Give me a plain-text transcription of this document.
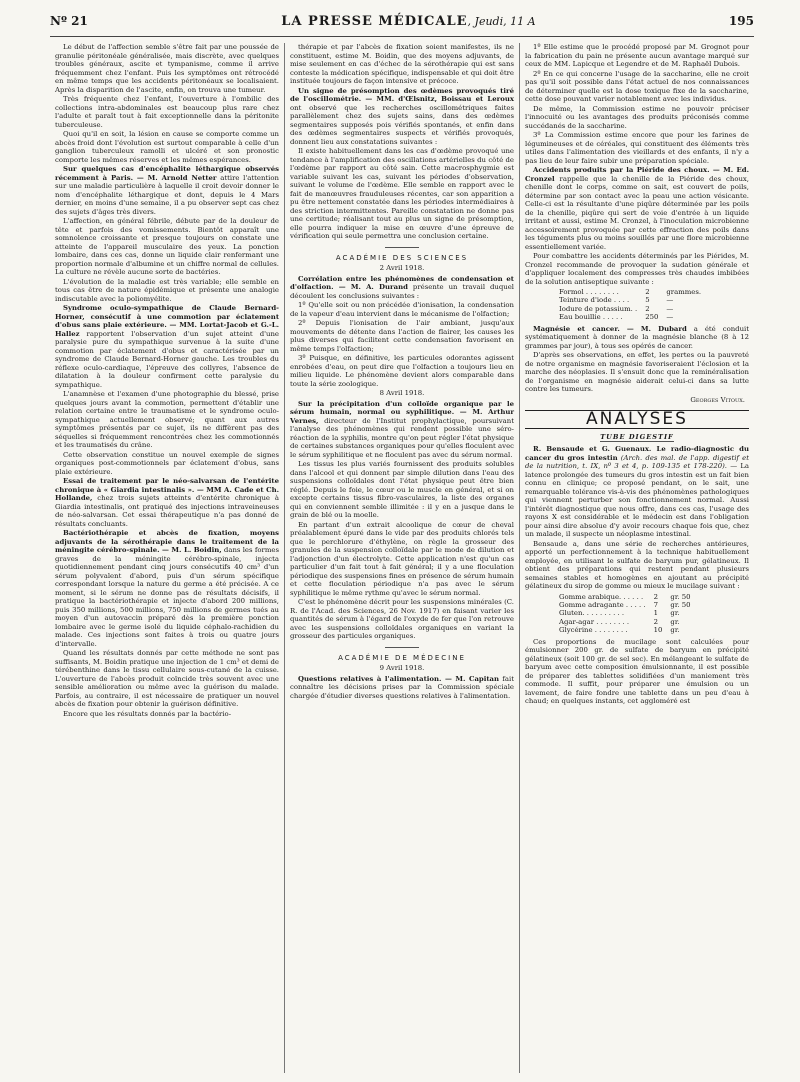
Nº 21	LA PRESSE MÉDICALE, Jeudi, 11 A	195

Le début de l'affection semble s'être fait par une poussée de granulie péritonéale généralisée, mais discrète, avec quelques troubles généraux, ascite et tympanisme, comme il arrive fréquemment chez l'enfant. Puis les symptômes ont rétrocédé en même temps que les accidents péritonéaux se localisaient. Après la disparition de l'ascite, enfin, on trouva une tumeur.

Très fréquente chez l'enfant, l'ouverture à l'ombilic des collections intra-abdominales est beaucoup plus rare chez l'adulte et paraît tout à fait exceptionnelle dans la péritonite tuberculeuse.

Quoi qu'il en soit, la lésion en cause se comporte comme un abcès froid dont l'évolution est surtout comparable à celle d'un ganglion tuberculeux ramolli et ulcéré et son pronostic comporte les mêmes réserves et les mêmes espérances.

Sur quelques cas d'encéphalite léthargique observés récemment à Paris. — M. Arnold Netter attire l'attention sur une maladie particulière à laquelle il croit devoir donner le nom d'encéphalite léthargique et dont, depuis le 4 Mars dernier, en moins d'une semaine, il a pu observer sept cas chez des sujets d'âges très divers.

L'affection, en général fébrile, débute par de la douleur de tête et parfois des vomissements. Bientôt apparaît une somnolence croissante et presque toujours on constate une atteinte de l'appareil musculaire des yeux. La ponction lombaire, dans ces cas, donne un liquide clair renfermant une proportion normale d'albumine et un chiffre normal de cellules. La culture ne révèle aucune sorte de bactéries.

L'évolution de la maladie est très variable; elle semble en tous cas être de nature épidémique et présente une analogie indiscutable avec la poliomyélite.

Syndrome oculo-sympathique de Claude Bernard-Horner, consécutif à une commotion par éclatement d'obus sans plaie extérieure. — MM. Lortat-Jacob et G.-L. Hallez rapportent l'observation d'un sujet atteint d'une paralysie pure du sympathique survenue à la suite d'une commotion par éclatement d'obus et caractérisée par un syndrome de Claude Bernard-Horner gauche. Les troubles du réflexe oculo-cardiaque, l'épreuve des collyres, l'absence de dilatation à la douleur confirment cette paralysie du sympathique.

L'anamnèse et l'examen d'une photographie du blessé, prise quelques jours avant la commotion, permettent d'établir une relation certaine entre le traumatisme et le syndrome oculo-sympathique actuellement observé; quant aux autres symptômes présentés par ce sujet, ils ne diffèrent pas des séquelles si fréquemment rencontrées chez les commotionnés et les traumatisés du crâne.

Cette observation constitue un nouvel exemple de signes organiques post-commotionnels par éclatement d'obus, sans plaie extérieure.

Essai de traitement par le néo-salvarsan de l'entérite chronique à « Giardia intestinalis ». — MM A. Cade et Ch. Hollande, chez trois sujets atteints d'entérite chronique à Giardia intestinalis, ont pratiqué des injections intraveineuses de néo-salvarsan. Cet essai thérapeutique n'a pas donné de résultats concluants.

Bactériothérapie et abcès de fixation, moyens adjuvants de la sérothérapie dans le traitement de la méningite cérébro-spinale. — M. L. Boidin, dans les formes graves de la méningite cérébro-spinale, injecta quotidiennement pendant cinq jours consécutifs 40 cm³ d'un sérum polyvalent d'abord, puis d'un sérum spécifique correspondant lorsque la nature du germe a été précisée. A ce moment, si le sérum ne donne pas de résultats décisifs, il pratique la bactériothérapie et injecte d'abord 200 millions, puis 350 millions, 500 millions, 750 millions de germes tués au moyen d'un autovaccin préparé dès la première ponction lombaire avec le germe isolé du liquide céphalo-rachidien du malade. Ces injections sont faites à trois ou quatre jours d'intervalle.

Quand les résultats donnés par cette méthode ne sont pas suffisants, M. Boidin pratique une injection de 1 cm³ et demi de térébenthine dans le tissu cellulaire sous-cutané de la cuisse. L'ouverture de l'abcès produit coïncide très souvent avec une sensible amélioration ou même avec la guérison du malade. Parfois, au contraire, il est nécessaire de pratiquer un nouvel abcès de fixation pour obtenir la guérison définitive.

Encore que les résultats donnés par la bactério-

thérapie et par l'abcès de fixation soient manifestes, ils ne constituent, estime M. Boidin, que des moyens adjuvants, de mise seulement en cas d'échec de la sérothérapie qui est sans conteste la médication spécifique, indispensable et qui doit être instituée toujours de façon intensive et précoce.

Un signe de présomption des œdèmes provoqués tiré de l'oscillométrie. — MM. d'Œlsnitz, Boissau et Leroux ont observé que les recherches oscillométriques faites parallèlement chez des sujets sains, dans des œdèmes segmentaires supposés pois vérifiés spontanés, et enfin dans des œdèmes segmentaires suspects et vérifiés provoqués, donnent lieu aux constatations suivantes :

Il existe habituellement dans les cas d'œdème provoqué une tendance à l'amplification des oscillations artérielles du côté de l'œdème par rapport au côté sain. Cette macrosphygmie est variable suivant les cas, suivant les périodes d'observation, suivant le volume de l'œdème. Elle semble en rapport avec le fait de manœuvres frauduleuses récentes, car son apparition a pu être nettement constatée dans les périodes intermédiaires à des striction intermittentes. Pareille constatation ne donne pas une certitude; réalisant tout au plus un signe de présomption, elle pourra indiquer la mise en œuvre d'une épreuve de vérification qui seule permettra une conclusion certaine.

ACADÉMIE DES SCIENCES
2 Avril 1918.

Corrélation entre les phénomènes de condensation et d'olfaction. — M. A. Durand présente un travail duquel découlent les conclusions suivantes :

1º Qu'elle soit ou non précédée d'ionisation, la condensation de la vapeur d'eau intervient dans le mécanisme de l'olfaction;

2º Depuis l'ionisation de l'air ambiant, jusqu'aux mouvements de détente dans l'action de flairer, les causes les plus diverses qui facilitent cette condensation favorisent en même temps l'olfaction;

3º Puisque, en définitive, les particules odorantes agissent enrobées d'eau, on peut dire que l'olfaction a toujours lieu en milieu liquide. Le phénomène devient alors comparable dans toute la série zoologique.

8 Avril 1918.

Sur la précipitation d'un colloïde organique par le sérum humain, normal ou syphilitique. — M. Arthur Vernes, directeur de l'Institut prophylactique, poursuivant l'analyse des phénomènes qui rendent possible une séro-réaction de la syphilis, montre qu'on peut régler l'état physique de certaines substances organiques pour qu'elles floculent avec le sérum syphilitique et ne floculent pas avec du sérum normal.

Les tissus les plus variés fournissent des produits solubles dans l'alcool et qui donnent par simple dilution dans l'eau des suspensions colloïdales dont l'état physique peut être bien réglé. Depuis le foie, le cœur ou le muscle en général, et si on excepte certains tissus fibro-vasculaires, la liste des organes qui en conviennent semble illimitée : il y en a jusque dans le grain de blé ou la moelle.

En partant d'un extrait alcoolique de cœur de cheval préalablement épuré dans le vide par des produits chlorés tels que le perchlorure d'éthylène, on règle la grosseur des granules de la suspension colloïdale par le mode de dilution et l'adjonction d'un électrolyte. Cette application n'est qu'un cas particulier d'un fait tout à fait général; il y a une floculation périodique des suspensions fines en présence de sérum humain et cette floculation périodique n'a pas avec le sérum syphilitique le même rythme qu'avec le sérum normal.

C'est le phénomène décrit pour les suspensions minérales (C. R. de l'Acad. des Sciences, 26 Nov. 1917) en faisant varier les quantités de sérum à l'égard de l'oxyde de fer que l'on retrouve avec les suspensions colloïdales organiques en variant la grosseur des particules organiques.

ACADÉMIE DE MÉDECINE
9 Avril 1918.

Questions relatives à l'alimentation. — M. Capitan fait connaître les décisions prises par la Commission spéciale chargée d'étudier diverses questions relatives à l'alimentation.

1º Elle estime que le procédé proposé par M. Grognot pour la fabrication du pain ne présente aucun avantage marqué sur ceux de MM. Lapicque et Legendre et de M. Raphaël Dubois.

2º En ce qui concerne l'usage de la saccharine, elle ne croit pas qu'il soit possible dans l'état actuel de nos connaissances de déterminer quelle est la dose toxique fixe de la saccharine, cette dose pouvant varier notablement avec les individus.

De même, la Commission estime ne pouvoir préciser l'innocuité ou les avantages des produits préconisés comme succédanés de la saccharine.

3º La Commission estime encore que pour les farines de légumineuses et de céréales, qui constituent des éléments très utiles dans l'alimentation des vieillards et des enfants, il n'y a pas lieu de leur faire subir une préparation spéciale.

Accidents produits par la Piéride des choux. — M. Ed. Cronzel rappelle que la chenille de la Piéride des choux, chenille dont le corps, comme on sait, est couvert de poils, détermine par son contact avec la peau une action vésicante. Celle-ci est la résultante d'une piqûre déterminée par les poils de la chenille, piqûre qui sert de voie d'entrée à un liquide irritant et aussi, estime M. Cronzel, à l'inoculation microbienne accessoirement provoquée par cette effraction des poils dans les téguments plus ou moins souillés par une flore microbienne essentiellement variée.

Pour combattre les accidents déterminés par les Piérides, M. Cronzel recommande de provoquer la sudation générale et d'appliquer localement des compresses très chaudes imbibées de la solution antiseptique suivante :

Formol . . . . . . . .	2	grammes.
Teinture d'iode . . . .	5	—
Iodure de potassium. .	2	—
Eau bouillie . . . . .	250	—

Magnésie et cancer. — M. Dubard a été conduit systématiquement à donner de la magnésie blanche (8 à 12 grammes par jour), à tous ses opérés de cancer.

D'après ses observations, en effet, les pertes ou la pauvreté de notre organisme en magnésie favoriseraient l'éclosion et la marche des néoplasies. Il s'ensuit donc que la reminéralisation de l'organisme en magnésie aiderait celui-ci dans sa lutte contre les tumeurs.

Georges Vitoux.
ANALYSES
TUBE DIGESTIF

R. Bensaude et G. Guenaux. Le radio-diagnostic du cancer du gros intestin (Arch. des mal. de l'app. digestif et de la nutrition, t. IX, nº 3 et 4, p. 109-135 et 178-220). — La latence prolongée des tumeurs du gros intestin est un fait bien connu en clinique; ce proposé pendant, on le sait, une remarquable tolérance vis-à-vis des phénomènes pathologiques qui viennent perturber son fonctionnement normal. Aussi l'intérêt diagnostique que nous offre, dans ces cas, l'usage des rayons X est considérable et le médecin est dans l'obligation pour ainsi dire absolue d'y avoir recours chaque fois que, chez un malade, il suspecte un néoplasme intestinal.

Bensaude a, dans une série de recherches antérieures, apporté un perfectionnement à la technique habituellement employée, en utilisant le sulfate de baryum pur, gélatineux. Il obtient des préparations qui restent pendant plusieurs semaines stables et homogènes en ajoutant au précipité gélatineux du sirop de gomme ou mieux le mucilage suivant :

Gomme arabique. . . . . .	2	gr. 50
Gomme adragante . . . . .	7	gr. 50
Gluten. . . . . . . . . .	1	gr.
Agar-agar . . . . . . . .	2	gr.
Glycérine . . . . . . . .	10	gr.

Ces proportions de mucilage sont calculées pour émulsionner 200 gr. de sulfate de baryum en précipité gélatineux (soit 100 gr. de sel sec). En mélangeant le sulfate de baryum avec cette composition émulsionnante, il est possible de préparer des tablettes solidifiées d'un maniement très commode. Il suffit, pour préparer une émulsion ou un lavement, de faire fondre une tablette dans un peu d'eau à chaud; en quelques instants, cet aggloméré est
